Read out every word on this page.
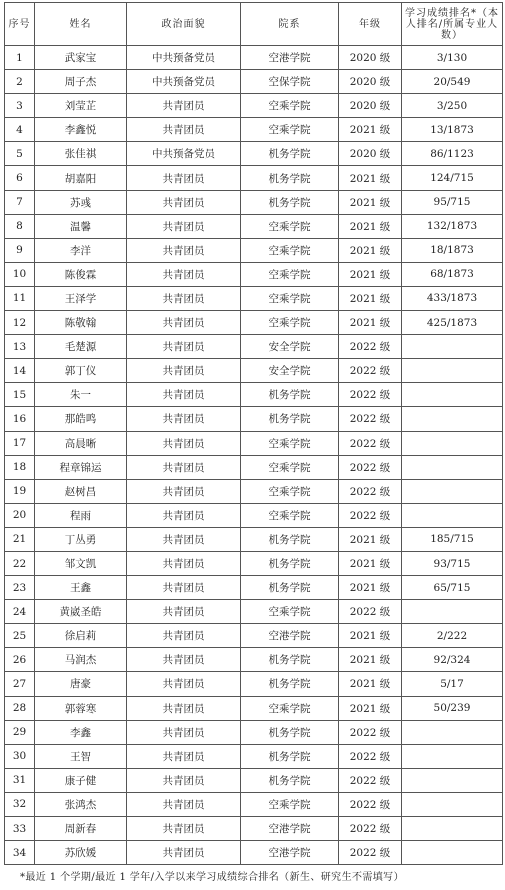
序号	姓名	政治面貌	院系	年级	学习成绩排名*（本人排名/所属专业人数）
1	武家宝	中共预备党员	空港学院	2020 级	3/130
2	周子杰	中共预备党员	空保学院	2020 级	20/549
3	刘莹芷	共青团员	空乘学院	2020 级	3/250
4	李鑫悦	共青团员	空乘学院	2021 级	13/1873
5	张佳祺	中共预备党员	机务学院	2020 级	86/1123
6	胡嘉阳	共青团员	机务学院	2021 级	124/715
7	苏彧	共青团员	机务学院	2021 级	95/715
8	温馨	共青团员	空乘学院	2021 级	132/1873
9	李洋	共青团员	空乘学院	2021 级	18/1873
10	陈俊霖	共青团员	空乘学院	2021 级	68/1873
11	王泽学	共青团员	空乘学院	2021 级	433/1873
12	陈敬翰	共青团员	空乘学院	2021 级	425/1873
13	毛楚源	共青团员	安全学院	2022 级	
14	郭丁仪	共青团员	安全学院	2022 级	
15	朱一	共青团员	机务学院	2022 级	
16	那皓鸣	共青团员	机务学院	2022 级	
17	高晨晰	共青团员	空乘学院	2022 级	
18	程章锦运	共青团员	空乘学院	2022 级	
19	赵树昌	共青团员	空乘学院	2022 级	
20	程雨	共青团员	空乘学院	2022 级	
21	丁丛勇	共青团员	机务学院	2021 级	185/715
22	邹文凯	共青团员	机务学院	2021 级	93/715
23	王鑫	共青团员	机务学院	2021 级	65/715
24	黄崴圣皓	共青团员	空乘学院	2022 级	
25	徐启莉	共青团员	空港学院	2021 级	2/222
26	马润杰	共青团员	机务学院	2021 级	92/324
27	唐豪	共青团员	机务学院	2021 级	5/17
28	郭蓉寒	共青团员	空乘学院	2021 级	50/239
29	李鑫	共青团员	机务学院	2022 级	
30	王智	共青团员	机务学院	2022 级	
31	康子健	共青团员	机务学院	2022 级	
32	张鸿杰	共青团员	空乘学院	2022 级	
33	周新春	共青团员	空港学院	2022 级	
34	苏欣媛	共青团员	空港学院	2022 级	
*最近 1 个学期/最近 1 学年/入学以来学习成绩综合排名（新生、研究生不需填写）
